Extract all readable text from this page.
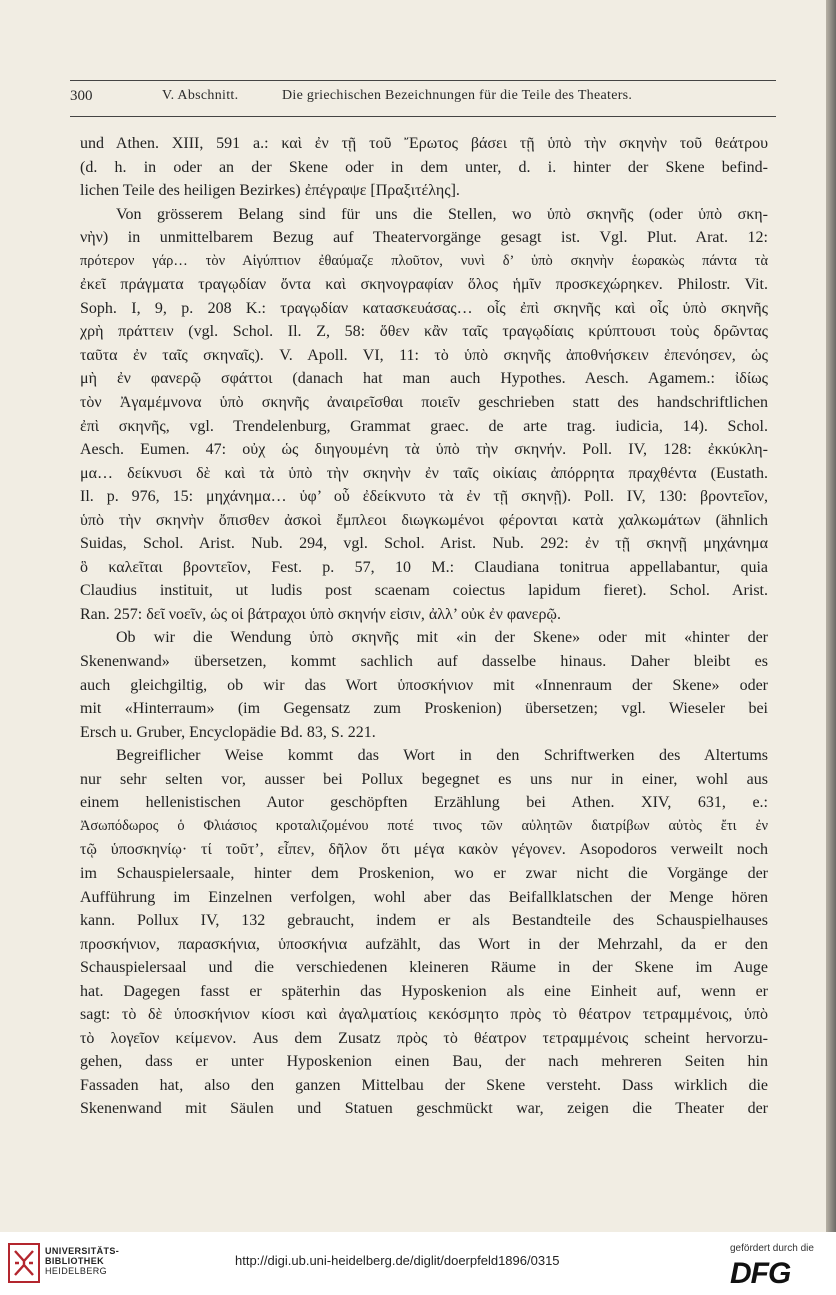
300	V. Abschnitt.	Die griechischen Bezeichnungen für die Teile des Theaters.
und Athen. XIII, 591 a.: καὶ ἐν τῇ τοῦ Ἔρωτος βάσει τῇ ὑπὸ τὴν σκηνὴν τοῦ θεάτρου
(d. h. in oder an der Skene oder in dem unter, d. i. hinter der Skene befind-
lichen Teile des heiligen Bezirkes) ἐπέγραψε [Πραξιτέλης].
Von grösserem Belang sind für uns die Stellen, wo ὑπὸ σκηνῆς (oder ὑπὸ σκη-
νὴν) in unmittelbarem Bezug auf Theatervorgänge gesagt ist. Vgl. Plut. Arat. 12:
πρότερον γάρ… τὸν Αἰγύπτιον ἐθαύμαζε πλοῦτον, νυνὶ δ’ ὑπὸ σκηνὴν ἑωρακὼς πάντα τὰ
ἐκεῖ πράγματα τραγῳδίαν ὄντα καὶ σκηνογραφίαν ὅλος ἡμῖν προσκεχώρηκεν. Philostr. Vit.
Soph. I, 9, p. 208 K.: τραγῳδίαν κατασκευάσας… οἷς ἐπὶ σκηνῆς καὶ οἷς ὑπὸ σκηνῆς
χρὴ πράττειν (vgl. Schol. Il. Z, 58: ὅθεν κἂν ταῖς τραγῳδίαις κρύπτουσι τοὺς δρῶντας
ταῦτα ἐν ταῖς σκηναῖς). V. Apoll. VI, 11: τὸ ὑπὸ σκηνῆς ἀποθνήσκειν ἐπενόησεν, ὡς
μὴ ἐν φανερῷ σφάττοι (danach hat man auch Hypothes. Aesch. Agamem.: ἰδίως
τὸν Ἀγαμέμνονα ὑπὸ σκηνῆς ἀναιρεῖσθαι ποιεῖν geschrieben statt des handschriftlichen
ἐπὶ σκηνῆς, vgl. Trendelenburg, Grammat graec. de arte trag. iudicia, 14). Schol.
Aesch. Eumen. 47: οὐχ ὡς διηγουμένη τὰ ὑπὸ τὴν σκηνήν. Poll. IV, 128: ἐκκύκλη-
μα… δείκνυσι δὲ καὶ τὰ ὑπὸ τὴν σκηνὴν ἐν ταῖς οἰκίαις ἀπόρρητα πραχθέντα (Eustath.
Il. p. 976, 15: μηχάνημα… ὑφ’ οὗ ἐδείκνυτο τὰ ἐν τῇ σκηνῇ). Poll. IV, 130: βροντεῖον,
ὑπὸ τὴν σκηνὴν ὄπισθεν ἀσκοὶ ἔμπλεοι διωγκωμένοι φέρονται κατὰ χαλκωμάτων (ähnlich
Suidas, Schol. Arist. Nub. 294, vgl. Schol. Arist. Nub. 292: ἐν τῇ σκηνῇ μηχάνημα
ὃ καλεῖται βροντεῖον, Fest. p. 57, 10 M.: Claudiana tonitrua appellabantur, quia
Claudius instituit, ut ludis post scaenam coiectus lapidum fieret). Schol. Arist.
Ran. 257: δεῖ νοεῖν, ὡς οἱ βάτραχοι ὑπὸ σκηνήν εἰσιν, ἀλλ’ οὐκ ἐν φανερῷ.
Ob wir die Wendung ὑπὸ σκηνῆς mit «in der Skene» oder mit «hinter der
Skenenwand» übersetzen, kommt sachlich auf dasselbe hinaus. Daher bleibt es
auch gleichgiltig, ob wir das Wort ὑποσκήνιον mit «Innenraum der Skene» oder
mit «Hinterraum» (im Gegensatz zum Proskenion) übersetzen; vgl. Wieseler bei
Ersch u. Gruber, Encyclopädie Bd. 83, S. 221.
Begreiflicher Weise kommt das Wort in den Schriftwerken des Altertums
nur sehr selten vor, ausser bei Pollux begegnet es uns nur in einer, wohl aus
einem hellenistischen Autor geschöpften Erzählung bei Athen. XIV, 631, e.:
Ἀσωπόδωρος ὁ Φλιάσιος κροταλιζομένου ποτέ τινος τῶν αὐλητῶν διατρίβων αὐτὸς ἔτι ἐν
τῷ ὑποσκηνίῳ· τί τοῦτ’, εἶπεν, δῆλον ὅτι μέγα κακὸν γέγονεν. Asopodoros verweilt noch
im Schauspielersaale, hinter dem Proskenion, wo er zwar nicht die Vorgänge der
Aufführung im Einzelnen verfolgen, wohl aber das Beifallklatschen der Menge hören
kann. Pollux IV, 132 gebraucht, indem er als Bestandteile des Schauspielhauses
προσκήνιον, παρασκήνια, ὑποσκήνια aufzählt, das Wort in der Mehrzahl, da er den
Schauspielersaal und die verschiedenen kleineren Räume in der Skene im Auge
hat. Dagegen fasst er späterhin das Hyposkenion als eine Einheit auf, wenn er
sagt: τὸ δὲ ὑποσκήνιον κίοσι καὶ ἀγαλματίοις κεκόσμητο πρὸς τὸ θέατρον τετραμμένοις, ὑπὸ
τὸ λογεῖον κείμενον. Aus dem Zusatz πρὸς τὸ θέατρον τετραμμένοις scheint hervorzu-
gehen, dass er unter Hyposkenion einen Bau, der nach mehreren Seiten hin
Fassaden hat, also den ganzen Mittelbau der Skene versteht. Dass wirklich die
Skenenwand mit Säulen und Statuen geschmückt war, zeigen die Theater der
UNIVERSITÄTS-
BIBLIOTHEK
HEIDELBERG
http://digi.ub.uni-heidelberg.de/diglit/doerpfeld1896/0315
gefördert durch die
DFG
